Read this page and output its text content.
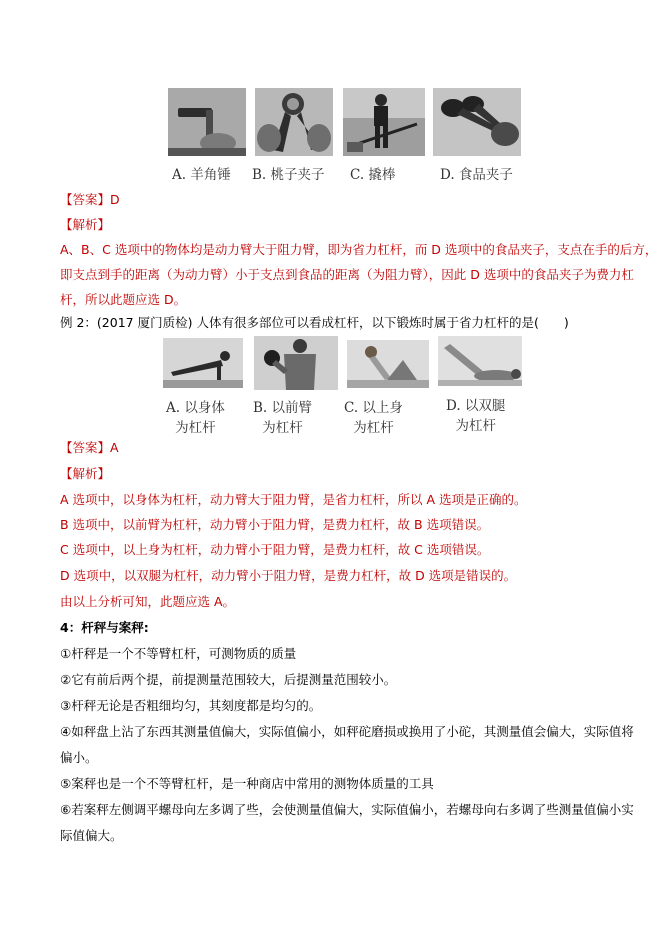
A. 羊角锤 B. 桃子夹子 C. 撬棒	D. 食品夹子
【答案】D
【解析】
A、B、C 选项中的物体均是动力臂大于阻力臂，即为省力杠杆，而 D 选项中的食品夹子，支点在手的后方，
即支点到手的距离（为动力臂）小于支点到食品的距离（为阻力臂），因此 D 选项中的食品夹子为费力杠
杆，所以此题应选 D。
例 2：(2017 厦门质检) 人体有很多部位可以看成杠杆，以下锻炼时属于省力杠杆的是(　　)
A. 以身体
为杠杆
B. 以前臂
为杠杆
C. 以上身
为杠杆
D. 以双腿
为杠杆
【答案】A
【解析】
A 选项中，以身体为杠杆，动力臂大于阻力臂，是省力杠杆，所以 A 选项是正确的。
B 选项中，以前臂为杠杆，动力臂小于阻力臂，是费力杠杆，故 B 选项错误。
C 选项中，以上身为杠杆，动力臂小于阻力臂，是费力杠杆，故 C 选项错误。
D 选项中，以双腿为杠杆，动力臂小于阻力臂，是费力杠杆，故 D 选项是错误的。
由以上分析可知，此题应选 A。
4：杆秤与案秤:
①杆秤是一个不等臂杠杆，可测物质的质量
②它有前后两个提，前提测量范围较大，后提测量范围较小。
③杆秤无论是否粗细均匀，其刻度都是均匀的。
④如秤盘上沾了东西其测量值偏大，实际值偏小，如秤砣磨损或换用了小砣，其测量值会偏大，实际值将
偏小。
⑤案秤也是一个不等臂杠杆，是一种商店中常用的测物体质量的工具
⑥若案秤左侧调平螺母向左多调了些，会使测量值偏大，实际值偏小，若螺母向右多调了些测量值偏小实
际值偏大。
